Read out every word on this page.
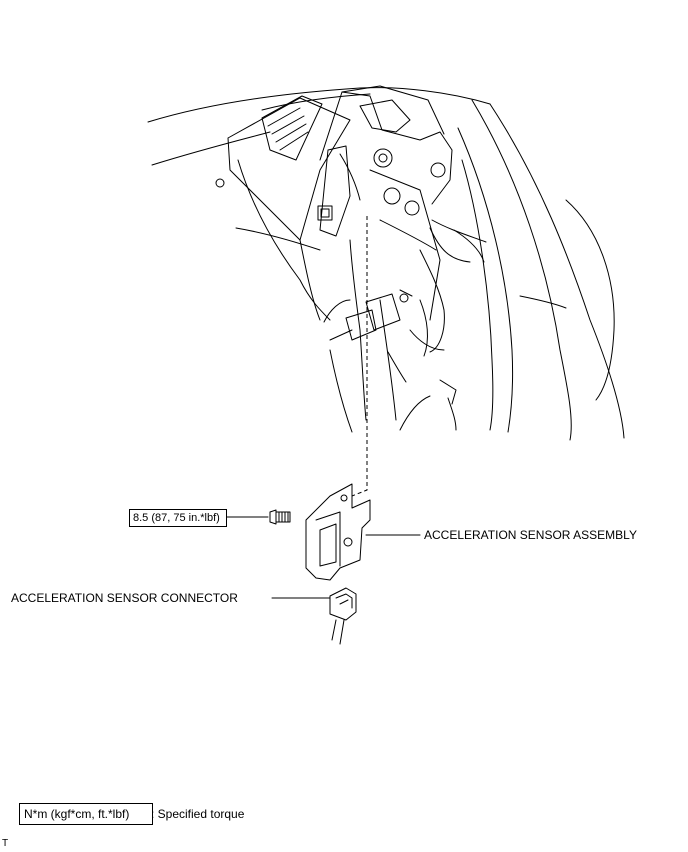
8.5 (87, 75 in.*lbf)
ACCELERATION SENSOR ASSEMBLY
ACCELERATION SENSOR CONNECTOR
N*m (kgf*cm, ft.*lbf)	: Specified torque
T
